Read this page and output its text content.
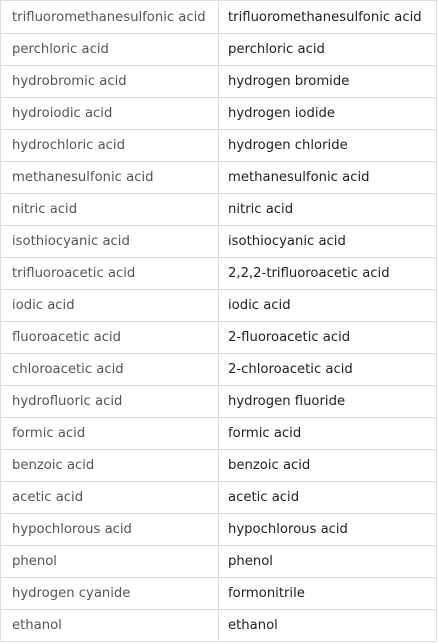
trifluoromethanesulfonic acid	trifluoromethanesulfonic acid
perchloric acid	perchloric acid
hydrobromic acid	hydrogen bromide
hydroiodic acid	hydrogen iodide
hydrochloric acid	hydrogen chloride
methanesulfonic acid	methanesulfonic acid
nitric acid	nitric acid
isothiocyanic acid	isothiocyanic acid
trifluoroacetic acid	2,2,2-trifluoroacetic acid
iodic acid	iodic acid
fluoroacetic acid	2-fluoroacetic acid
chloroacetic acid	2-chloroacetic acid
hydrofluoric acid	hydrogen fluoride
formic acid	formic acid
benzoic acid	benzoic acid
acetic acid	acetic acid
hypochlorous acid	hypochlorous acid
phenol	phenol
hydrogen cyanide	formonitrile
ethanol	ethanol
